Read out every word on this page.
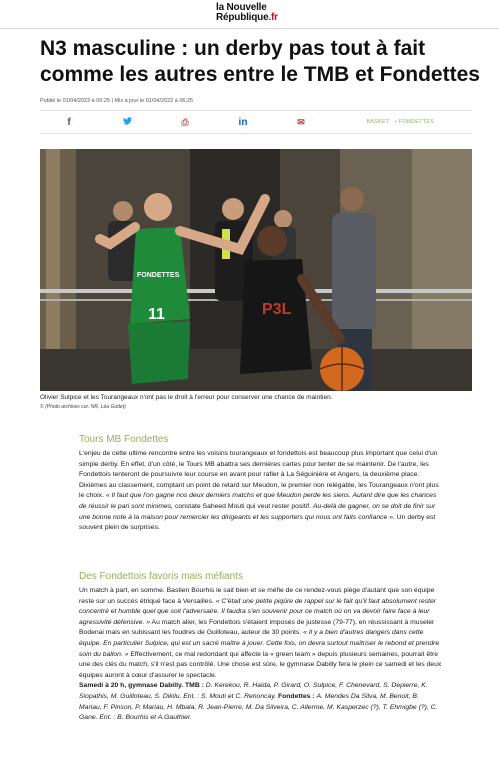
la Nouvelle
République.fr
N3 masculine : un derby pas tout à fait comme les autres entre le TMB et Fondettes
Publié le 01/04/2022 à 06:25 | Mis à jour le 01/04/2022 à 06:25
f	⎙	in	✉	BASKET • FONDETTES
FONDETTES
11	P3L
Olivier Sulpice et les Tourangeaux n'ont pas le droit à l'erreur pour conserver une chance de maintien.
© (Photo archives cor. NR, Léa Godet)
Tours MB Fondettes

L'enjeu de cette ultime rencontre entre les voisins tourangeaux et fondettois est beaucoup plus important que celui d'un simple derby. En effet, d'un côté, le Tours MB abattra ses dernières cartes pour tenter de se maintenir. De l'autre, les Fondettois tenteront de poursuivre leur course en avant pour rafler à La Séguinière et Angers, la deuxième place.

Dixièmes au classement, comptant un point de retard sur Meudon, le premier non relégable, les Tourangeaux n'ont plus le choix. « Il faut que l'on gagne nos deux derniers matchs et que Meudon perde les siens. Autant dire que les chances de réussir le pari sont minimes, constate Saheed Mouti qui veut rester positif. Au-delà de gagner, on se doit de finir sur une bonne note à la maison pour remercier les dirigeants et les supporters qui nous ont faits confiance ». Un derby est souvent plein de surprises.

Des Fondettois favoris mais méfiants

Un match à part, en somme. Bastien Bourhis le sait bien et se méfie de ce rendez-vous piège d'autant que son équipe reste sur un succès étriqué face à Versailles. « C'était une petite piqûre de rappel sur le fait qu'il faut absolument rester concentré et humble quel que soit l'adversaire. Il faudra s'en souvenir pour ce match où on va devoir faire face à leur agressivité défensive. » Au match aller, les Fondettois s'étaient imposés de justesse (79-77), en réussissant à museler Bodenai mais en subissant les foudres de Guilloteau, auteur de 30 points. « Il y a bien d'autres dangers dans cette équipe. En particulier Sulpice, qui est un sacré maître à jouer. Cette fois, on devra surtout maîtriser le rebond et prendre soin du ballon. » Effectivement, ce mal redondant qui affecte la « green team » depuis plusieurs semaines, pourrait être une des clés du match, s'il n'est pas contrôlé. Une chose est sûre, le gymnase Dabilly fera le plein ce samedi et les deux équipes auront à cœur d'assurer le spectacle.

Samedi à 20 h, gymnase Dabilly. TMB : D. Kerekou, R. Haida, P. Girard, O. Sulpice, F. Chenevard, S. Depierre, K. Siopathis, M. Guilloteau, S. Dikilu. Ent. : S. Mouti et C. Renoncay. Fondettes : A. Mendes Da Silva, M. Benoit, B. Mariau, F. Pinson, P. Mariau, H. Mbala, R. Jean-Pierre, M. Da Silveira, C. Allerme, M. Kasperzec (?), T. Ehmigbe (?), C. Gane. Ent. : B. Bourhis et A.Gauthier.
